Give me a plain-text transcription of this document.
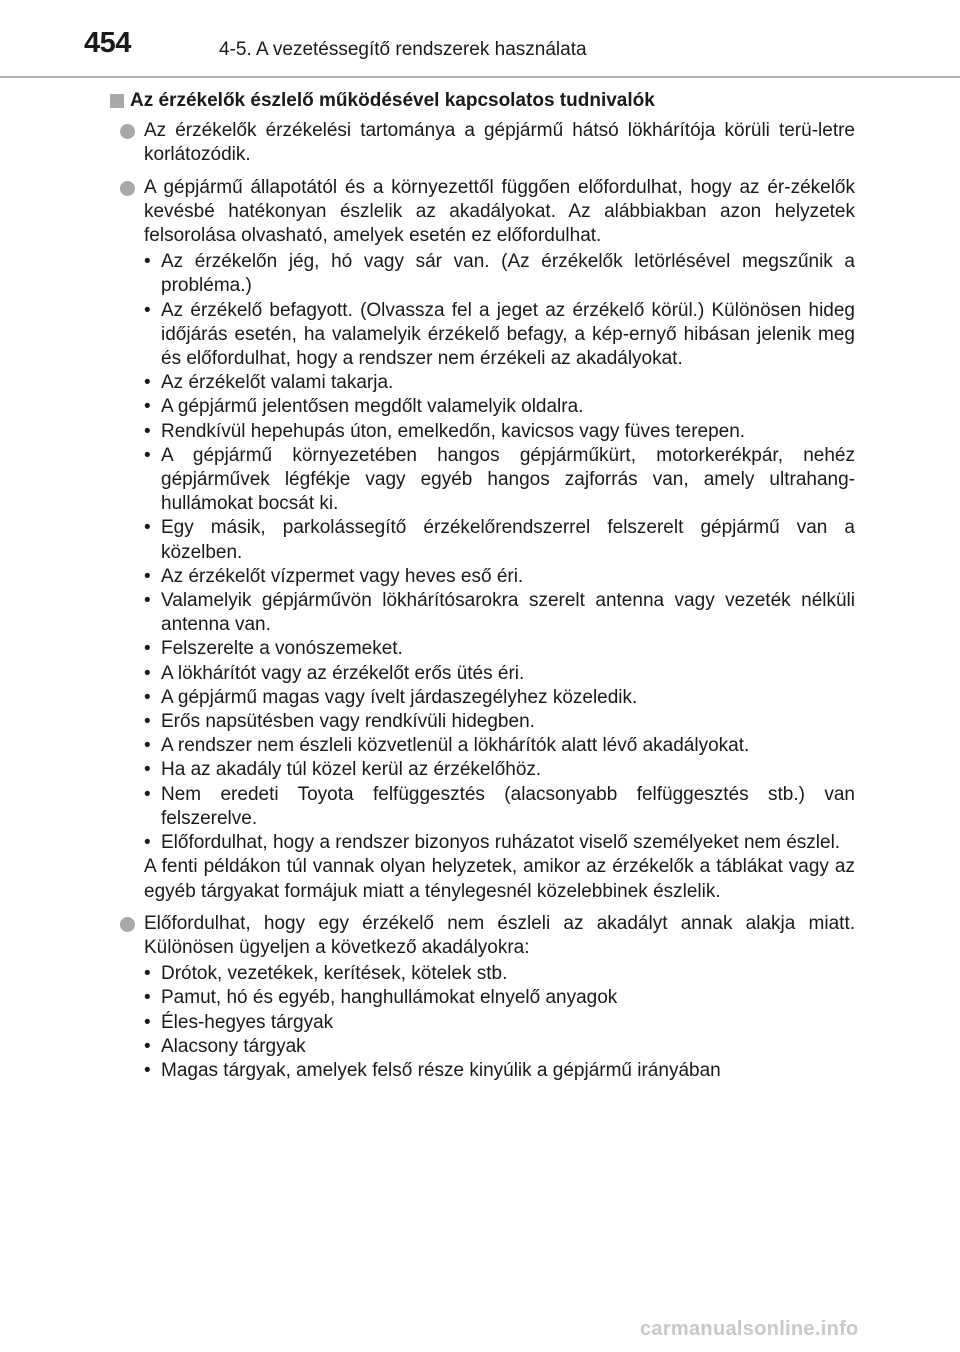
454	4-5. A vezetéssegítő rendszerek használata
Az érzékelők észlelő működésével kapcsolatos tudnivalók
Az érzékelők érzékelési tartománya a gépjármű hátsó lökhárítója körüli terü-letre korlátozódik.
A gépjármű állapotától és a környezettől függően előfordulhat, hogy az ér-zékelők kevésbé hatékonyan észlelik az akadályokat. Az alábbiakban azon helyzetek felsorolása olvasható, amelyek esetén ez előfordulhat.
• Az érzékelőn jég, hó vagy sár van. (Az érzékelők letörlésével megszűnik a probléma.)
• Az érzékelő befagyott. (Olvassza fel a jeget az érzékelő körül.) Különösen hideg időjárás esetén, ha valamelyik érzékelő befagy, a kép-ernyő hibásan jelenik meg és előfordulhat, hogy a rendszer nem érzékeli az akadályokat.
• Az érzékelőt valami takarja.
• A gépjármű jelentősen megdőlt valamelyik oldalra.
• Rendkívül hepehupás úton, emelkedőn, kavicsos vagy füves terepen.
• A gépjármű környezetében hangos gépjárműkürt, motorkerékpár, nehéz gépjárművek légfékje vagy egyéb hangos zajforrás van, amely ultrahang-hullámokat bocsát ki.
• Egy másik, parkolássegítő érzékelőrendszerrel felszerelt gépjármű van a közelben.
• Az érzékelőt vízpermet vagy heves eső éri.
• Valamelyik gépjárművön lökhárítósarokra szerelt antenna vagy vezeték nélküli antenna van.
• Felszerelte a vonószemeket.
• A lökhárítót vagy az érzékelőt erős ütés éri.
• A gépjármű magas vagy ívelt járdaszegélyhez közeledik.
• Erős napsütésben vagy rendkívüli hidegben.
• A rendszer nem észleli közvetlenül a lökhárítók alatt lévő akadályokat.
• Ha az akadály túl közel kerül az érzékelőhöz.
• Nem eredeti Toyota felfüggesztés (alacsonyabb felfüggesztés stb.) van felszerelve.
• Előfordulhat, hogy a rendszer bizonyos ruházatot viselő személyeket nem észlel.

A fenti példákon túl vannak olyan helyzetek, amikor az érzékelők a táblákat vagy az egyéb tárgyakat formájuk miatt a ténylegesnél közelebbinek észlelik.

Előfordulhat, hogy egy érzékelő nem észleli az akadályt annak alakja miatt. Különösen ügyeljen a következő akadályokra:
• Drótok, vezetékek, kerítések, kötelek stb.
• Pamut, hó és egyéb, hanghullámokat elnyelő anyagok
• Éles-hegyes tárgyak
• Alacsony tárgyak
• Magas tárgyak, amelyek felső része kinyúlik a gépjármű irányában
carmanualsonline.info
